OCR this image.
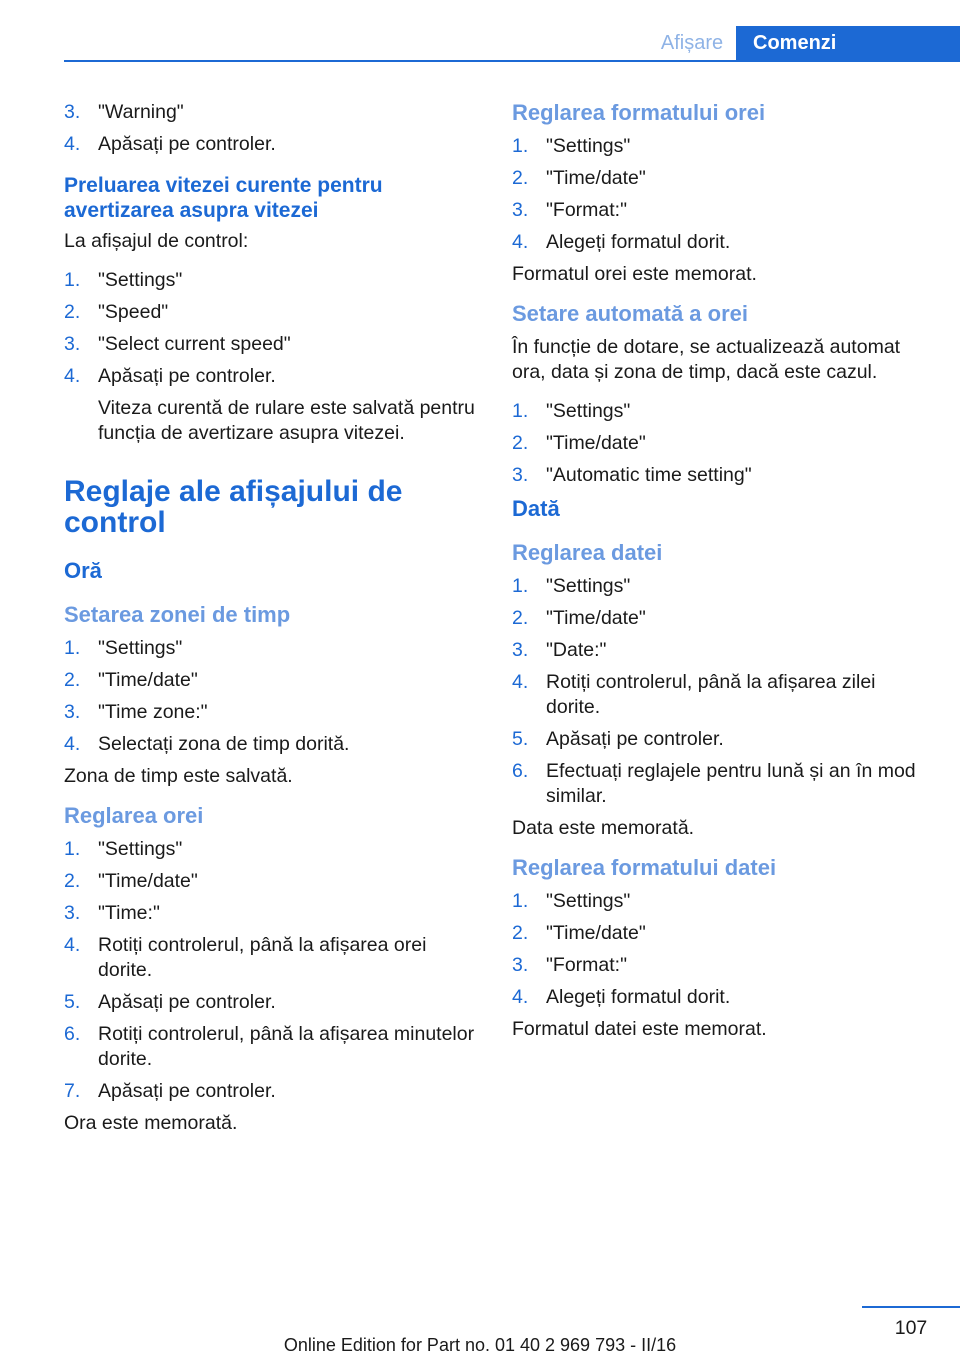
Afișare	Comenzi
3. "Warning"
4. Apăsați pe controler.
Preluarea vitezei curente pentru avertizarea asupra vitezei
La afișajul de control:
1. "Settings"
2. "Speed"
3. "Select current speed"
4. Apăsați pe controler.
Viteza curentă de rulare este salvată pentru funcția de avertizare asupra vitezei.
Reglaje ale afișajului de control
Oră
Setarea zonei de timp
1. "Settings"
2. "Time/date"
3. "Time zone:"
4. Selectați zona de timp dorită.
Zona de timp este salvată.
Reglarea orei
1. "Settings"
2. "Time/date"
3. "Time:"
4. Rotiți controlerul, până la afișarea orei dorite.
5. Apăsați pe controler.
6. Rotiți controlerul, până la afișarea minutelor dorite.
7. Apăsați pe controler.
Ora este memorată.
Reglarea formatului orei
1. "Settings"
2. "Time/date"
3. "Format:"
4. Alegeți formatul dorit.
Formatul orei este memorat.
Setare automată a orei
În funcție de dotare, se actualizează automat ora, data și zona de timp, dacă este cazul.
1. "Settings"
2. "Time/date"
3. "Automatic time setting"
Dată
Reglarea datei
1. "Settings"
2. "Time/date"
3. "Date:"
4. Rotiți controlerul, până la afișarea zilei dorite.
5. Apăsați pe controler.
6. Efectuați reglajele pentru lună și an în mod similar.
Data este memorată.
Reglarea formatului datei
1. "Settings"
2. "Time/date"
3. "Format:"
4. Alegeți formatul dorit.
Formatul datei este memorat.
107
Online Edition for Part no. 01 40 2 969 793 - II/16
